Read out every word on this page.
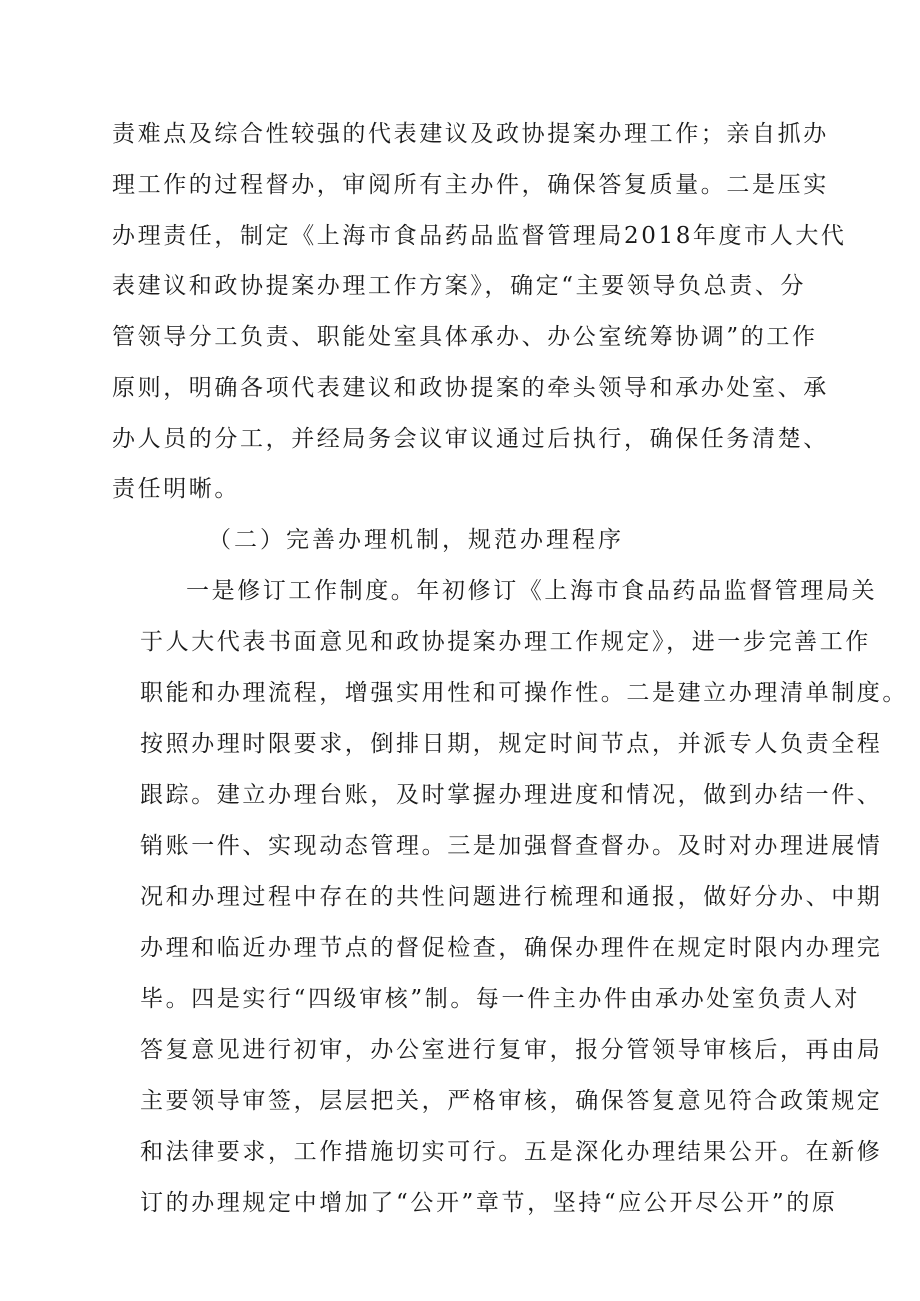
责难点及综合性较强的代表建议及政协提案办理工作；亲自抓办
理工作的过程督办，审阅所有主办件，确保答复质量。二是压实
办理责任，制定《上海市食品药品监督管理局2018年度市人大代
表建议和政协提案办理工作方案》，确定“主要领导负总责、分
管领导分工负责、职能处室具体承办、办公室统筹协调”的工作
原则，明确各项代表建议和政协提案的牵头领导和承办处室、承
办人员的分工，并经局务会议审议通过后执行，确保任务清楚、
责任明晰。
（二）完善办理机制，规范办理程序
一是修订工作制度。年初修订《上海市食品药品监督管理局关
于人大代表书面意见和政协提案办理工作规定》，进一步完善工作
职能和办理流程，增强实用性和可操作性。二是建立办理清单制度。
按照办理时限要求，倒排日期，规定时间节点，并派专人负责全程
跟踪。建立办理台账，及时掌握办理进度和情况，做到办结一件、
销账一件、实现动态管理。三是加强督查督办。及时对办理进展情
况和办理过程中存在的共性问题进行梳理和通报，做好分办、中期
办理和临近办理节点的督促检查，确保办理件在规定时限内办理完
毕。四是实行“四级审核”制。每一件主办件由承办处室负责人对
答复意见进行初审，办公室进行复审，报分管领导审核后，再由局
主要领导审签，层层把关，严格审核，确保答复意见符合政策规定
和法律要求，工作措施切实可行。五是深化办理结果公开。在新修
订的办理规定中增加了“公开”章节，坚持“应公开尽公开”的原
